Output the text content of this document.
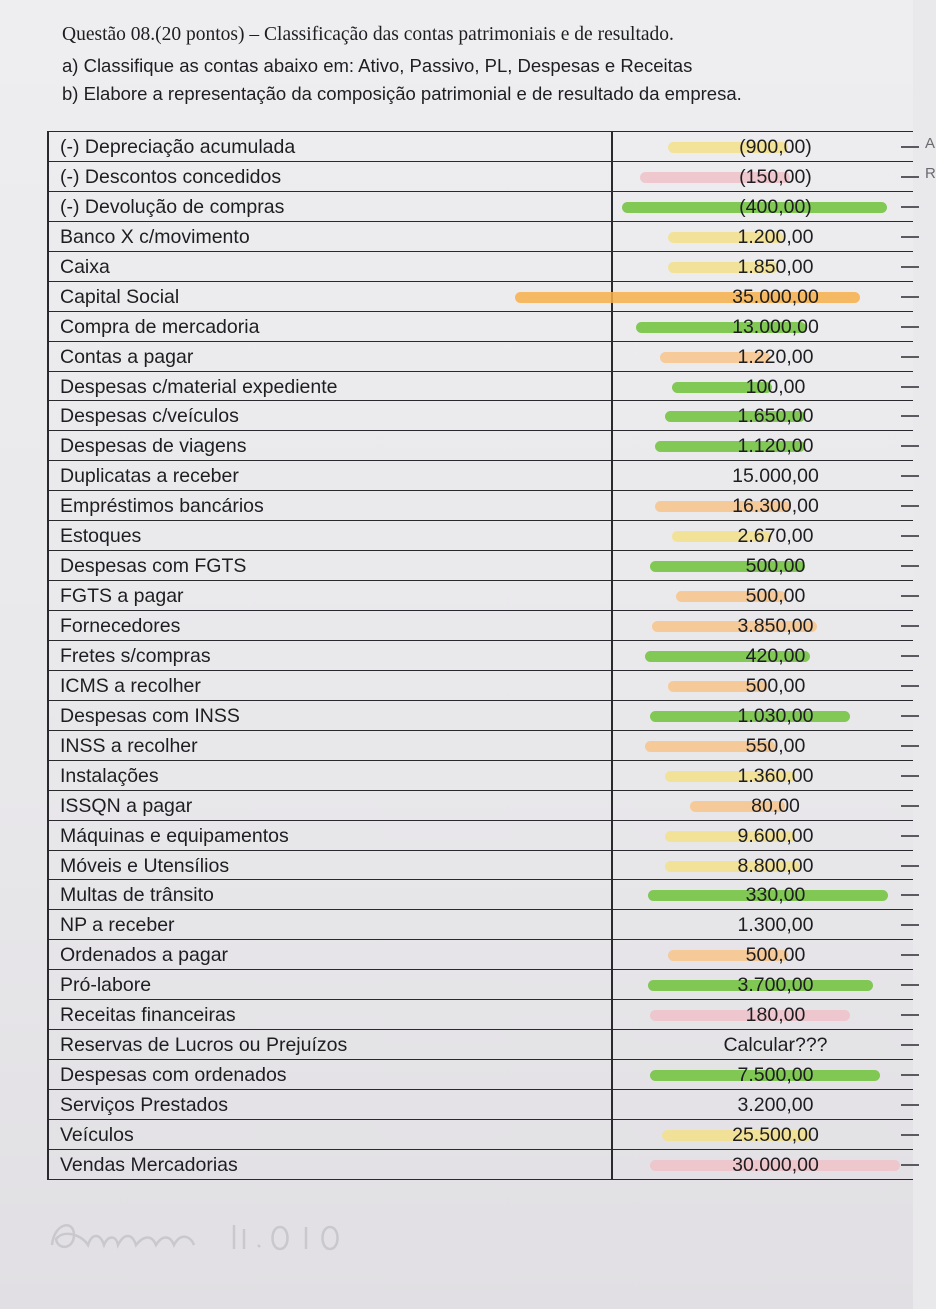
Questão 08.(20 pontos) – Classificação das contas patrimoniais e de resultado.
a) Classifique as contas abaixo em: Ativo, Passivo, PL, Despesas e Receitas
b) Elabore a representação da composição patrimonial e de resultado da empresa.
(-) Depreciação acumulada	(900,00)	A
(-) Descontos concedidos	(150,00)	R
(-) Devolução de compras	(400,00)
Banco X c/movimento	1.200,00
Caixa	1.850,00
Capital Social	35.000,00
Compra de mercadoria	13.000,00
Contas a pagar	1.220,00
Despesas c/material expediente	100,00
Despesas c/veículos	1.650,00
Despesas de viagens	1.120,00
Duplicatas a receber	15.000,00
Empréstimos bancários	16.300,00
Estoques	2.670,00
Despesas com FGTS	500,00
FGTS a pagar	500,00
Fornecedores	3.850,00
Fretes s/compras	420,00
ICMS a recolher	500,00
Despesas com INSS	1.030,00
INSS a recolher	550,00
Instalações	1.360,00
ISSQN a pagar	80,00
Máquinas e equipamentos	9.600,00
Móveis e Utensílios	8.800,00
Multas de trânsito	330,00
NP a receber	1.300,00
Ordenados a pagar	500,00
Pró-labore	3.700,00
Receitas financeiras	180,00
Reservas de Lucros ou Prejuízos	Calcular???
Despesas com ordenados	7.500,00
Serviços Prestados	3.200,00
Veículos	25.500,00
Vendas Mercadorias	30.000,00
